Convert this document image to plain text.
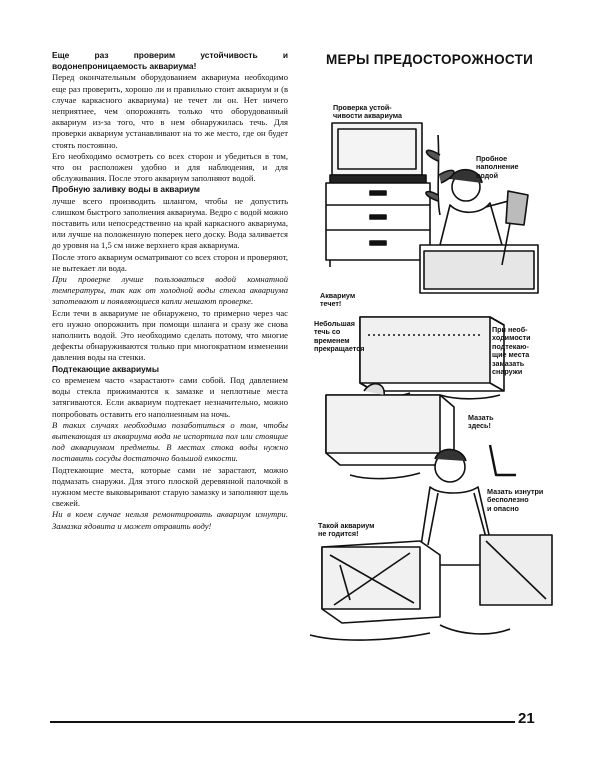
Еще раз проверим устойчивость и водонепроницаемость аквариума!

Перед окончательным оборудованием аквариума необходимо еще раз проверить, хорошо ли и правильно стоит аквариум и (в случае каркасного аквариума) не течет ли он. Нет ничего неприятнее, чем опорожнять только что оборудованный аквариум из-за того, что в нем обнаружилась течь. Для проверки аквариум устанавливают на то же место, где он будет стоять постоянно.

Его необходимо осмотреть со всех сторон и убедиться в том, что он расположен удобно и для наблюдения, и для обслуживания. После этого аквариум заполняют водой.

Пробную заливку воды в аквариум

лучше всего производить шлангом, чтобы не допустить слишком быстрого заполнения аквариума. Ведро с водой можно поставить или непосредственно на край каркасного аквариума, или лучше на положенную поперек него доску. Вода заливается до уровня на 1,5 см ниже верхнего края аквариума.

После этого аквариум осматривают со всех сторон и проверяют, не вытекает ли вода.

При проверке лучше пользоваться водой комнатной температуры, так как от холодной воды стекла аквариума запотевают и появляющиеся капли мешают проверке.

Если течи в аквариуме не обнаружено, то примерно через час его нужно опорожнить при помощи шланга и сразу же снова наполнить водой. Это необходимо сделать потому, что многие дефекты обнаруживаются только при многократном изменении давления воды на стенки.

Подтекающие аквариумы

со временем часто «зарастают» сами собой. Под давлением воды стекла прижимаются к замазке и неплотные места затягиваются. Если аквариум подтекает незначительно, можно попробовать оставить его наполненным на ночь.

В таких случаях необходимо позаботиться о том, чтобы вытекающая из аквариума вода не испортила пол или стоящие под аквариумом предметы. В местах стока воды нужно поставить сосуды достаточно большой емкости.

Подтекающие места, которые сами не зарастают, можно подмазать снаружи. Для этого плоской деревянной палочкой в нужном месте выковыривают старую замазку и заполняют щель свежей.

Ни в коем случае нельзя ремонтировать аквариум изнутри. Замазка ядовита и может отравить воду!

МЕРЫ ПРЕДОСТОРОЖНОСТИ
Проверка устой-
чивости аквариума
Пробное
наполнение
водой
Аквариум
течет!
Небольшая
течь со
временем
прекращается
При необ-
ходимости
подтекаю-
щие места
замазать
снаружи
Мазать
здесь!
Мазать изнутри
бесполезно
и опасно
Такой аквариум
не годится!
21
